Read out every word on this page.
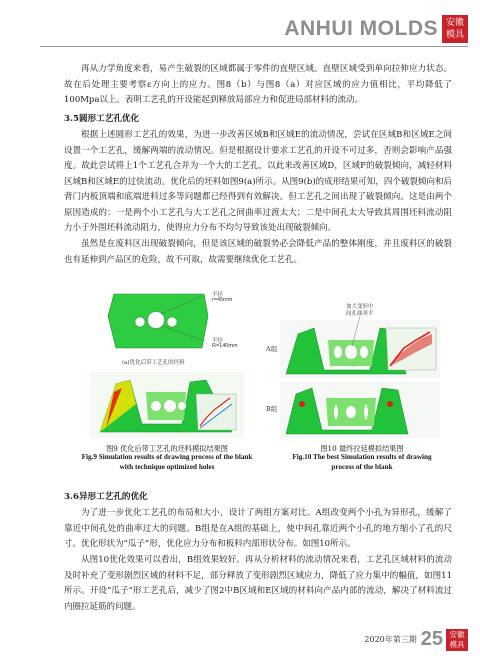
ANHUI MOLDS 安徽模具

再从力学角度来看，易产生破裂的区域都属于零件的直壁区域。直壁区域受到单向拉伸应力状态。故在后处理主要考察ε方向上的应力。图8（b）与图8（a）对应区域的应力值相比，平均降低了100Mpa以上。表明工艺孔的开设能起到释放局部应力和促进局部材料的流动。

3.5圆形工艺孔优化

根据上述圆形工艺孔的效果，为进一步改善区域B和区域E的流动情况，尝试在区域B和区域E之间设置一个工艺孔，缓解两端的流动情况。但是根据设计要求工艺孔的开设不可过多，否则会影响产品强度。故此尝试将上1个工艺孔合并为一个大的工艺孔，以此来改善区域D，区域F的破裂倾向，减轻材料区域B和区域E的过快流动。优化后的坯料如图9(a)所示。从图9(b)的成形结果可知，四个破裂倾向和后背门内板顶端和底端进料过多等问题都已经得到有效解决。但工艺孔之间出现了破裂倾向。这是由两个原因造成的：一是两个小工艺孔与大工艺孔之间曲率过渡太大；二是中间孔太大导致其周围坯料流动阻力小于外围坯料流动阻力，使得应力分布不均匀导致该处出现破裂倾向。

虽然是在废料区出现破裂倾向，但是该区域的破裂势必会降低产品的整体刚度，并且废料区的破裂也有延伸到产品区的危险，故不可取，故需要继续优化工艺孔。

半径
r=45mm
半径
R=140mm
(a)优化后带工艺孔的坯料
图9 优化后带工艺孔的坯料模拟结果图
Fig.9 Simulation results of drawing process of the blank
with technique optimized holes
加大变形中
间孔曲率半
A组
B组
图10 最终拉延模拟结果图
Fig.10 The best Simulation results of drawing
process of the blank

3.6异形工艺孔的优化

为了进一步优化工艺孔的布局和大小，设计了两组方案对比。A组改变两个小孔为异形孔，缓解了靠近中间孔处的曲率过大的问题。B组是在A组的基础上，使中间孔靠近两个小孔的地方缩小了孔的尺寸。优化形状为“瓜子”形，优化应力分布和板料内部形状分布。如图10所示。

从图10优化效果可以看出，B组效果较好。再从分析材料的流动情况来看，工艺孔区域材料的流动及时补充了变形剧烈区域的材料不足，部分释放了变形剧烈区域应力，降低了应力集中的幅值，如图11所示。开设“瓜子”形工艺孔后，减少了图2中B区域和E区域的材料向产品内部的流动，解决了材料流过内圈拉延筋的问题。

2020年第三期 25 安徽模具
